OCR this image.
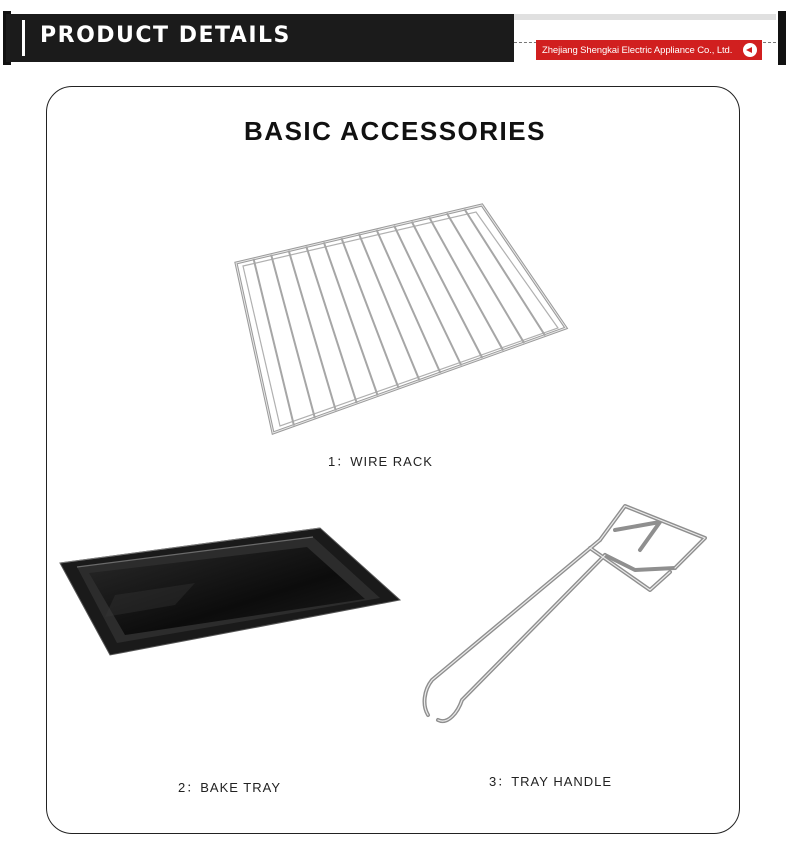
PRODUCT DETAILS
Zhejiang Shengkai Electric Appliance Co., Ltd.
BASIC ACCESSORIES
1：WIRE RACK
2：BAKE TRAY	3：TRAY HANDLE
